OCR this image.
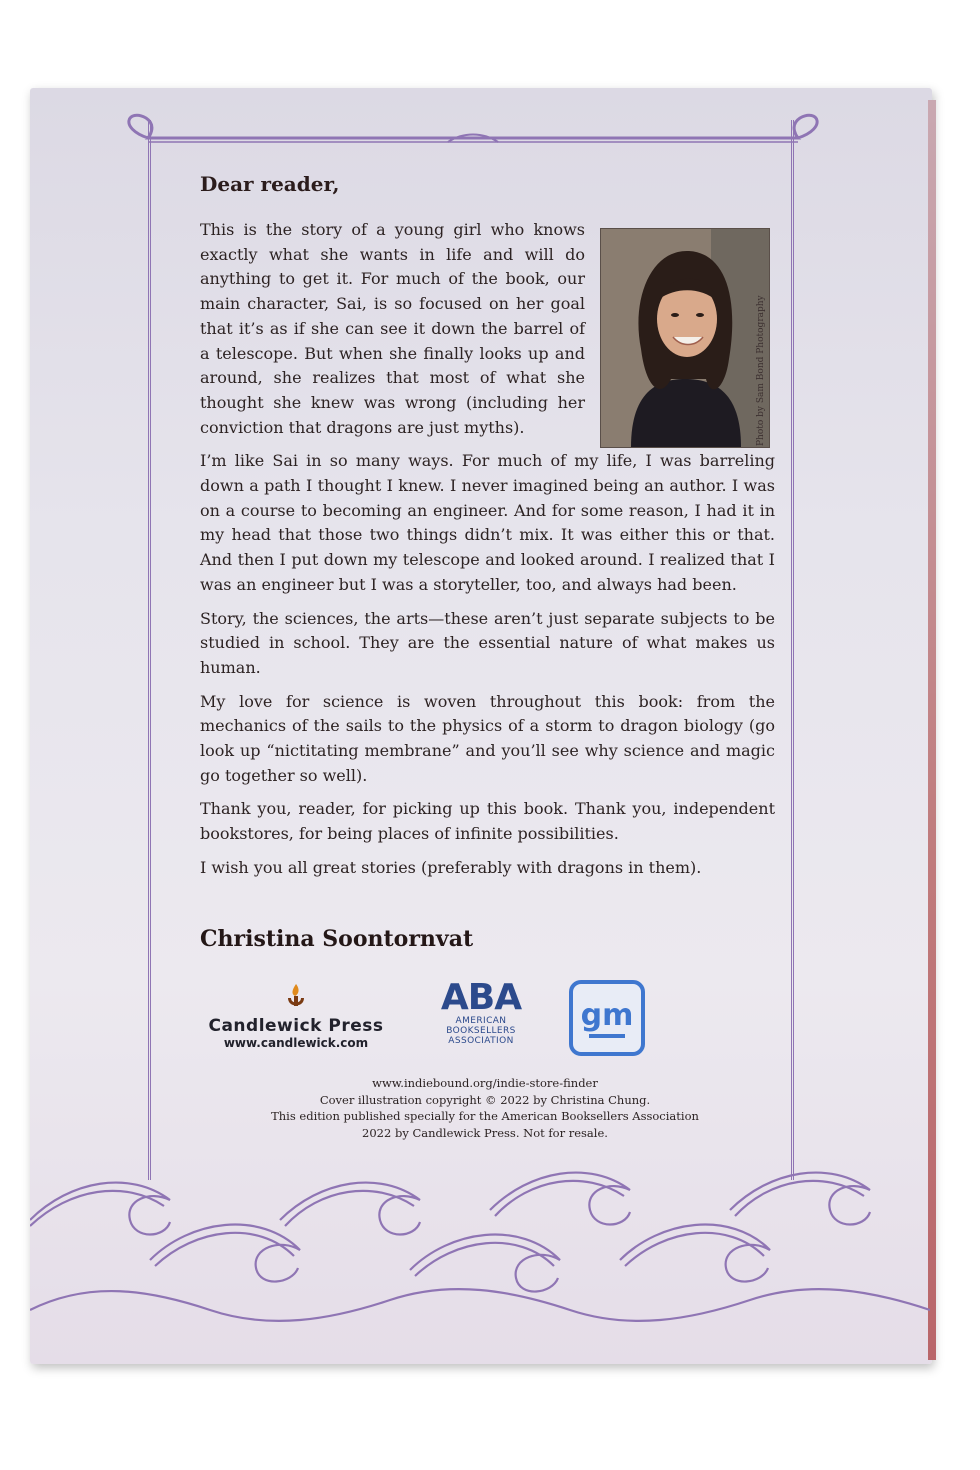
Dear reader,
Photo by Sam Bond Photography

This is the story of a young girl who knows exactly what she wants in life and will do anything to get it. For much of the book, our main character, Sai, is so focused on her goal that it’s as if she can see it down the barrel of a telescope. But when she finally looks up and around, she realizes that most of what she thought she knew was wrong (including her conviction that dragons are just myths).

I’m like Sai in so many ways. For much of my life, I was barreling down a path I thought I knew. I never imagined being an author. I was on a course to becoming an engineer. And for some reason, I had it in my head that those two things didn’t mix. It was either this or that. And then I put down my telescope and looked around. I realized that I was an engineer but I was a storyteller, too, and always had been.

Story, the sciences, the arts—these aren’t just separate subjects to be studied in school. They are the essential nature of what makes us human.

My love for science is woven throughout this book: from the mechanics of the sails to the physics of a storm to dragon biology (go look up “nictitating membrane” and you’ll see why science and magic go together so well).

Thank you, reader, for picking up this book. Thank you, independent bookstores, for being places of infinite possibilities.

I wish you all great stories (preferably with dragons in them).

Christina Soontornvat
Candlewick Press
www.candlewick.com
ABA
AMERICAN
BOOKSELLERS
ASSOCIATION
gm
www.indiebound.org/indie-store-finder
Cover illustration copyright © 2022 by Christina Chung.
This edition published specially for the American Booksellers Association
2022 by Candlewick Press. Not for resale.
